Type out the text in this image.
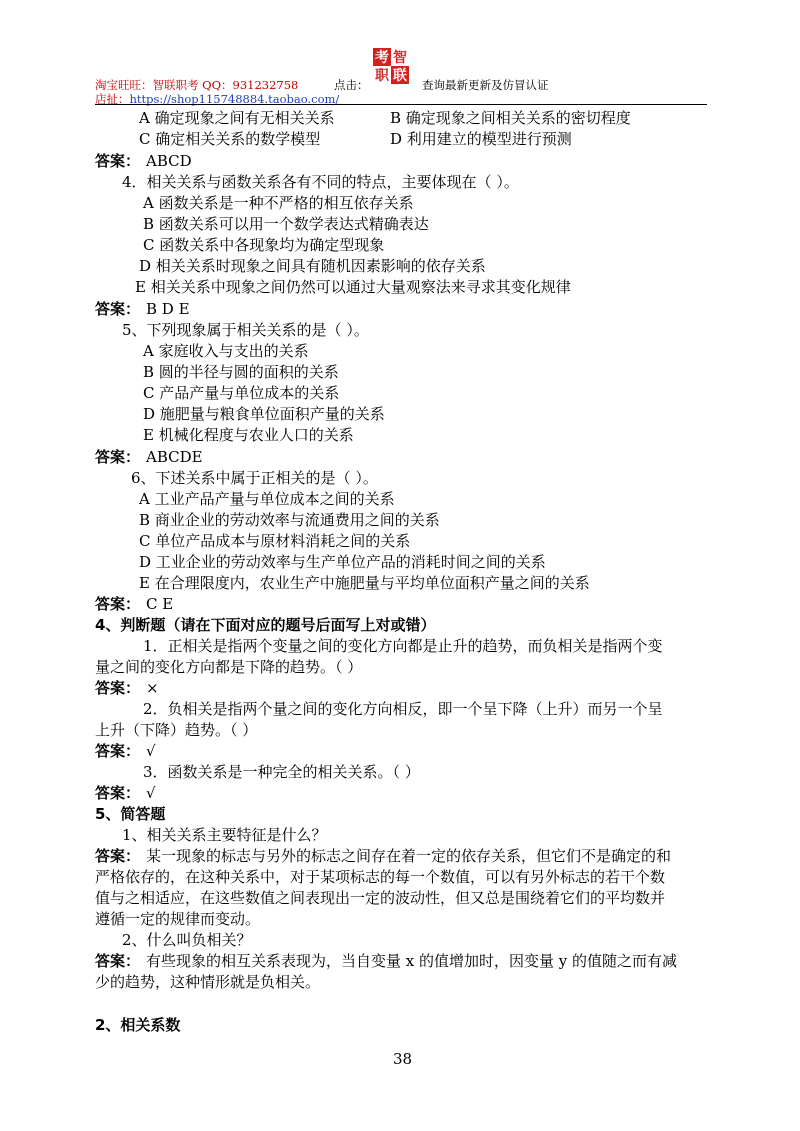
淘宝旺旺：智联职考 QQ：931232758	点击：
考 智
职 联
查询最新更新及仿冒认证
店扯：https://shop115748884.taobao.com/
A 确定现象之间有无相关关系	B 确定现象之间相关关系的密切程度
C 确定相关关系的数学模型	D 利用建立的模型进行预测
答案： ABCD
4．相关关系与函数关系各有不同的特点，主要体现在（ ）。
A 函数关系是一种不严格的相互依存关系
B 函数关系可以用一个数学表达式精确表达
C 函数关系中各现象均为确定型现象
D 相关关系时现象之间具有随机因素影响的依存关系
E 相关关系中现象之间仍然可以通过大量观察法来寻求其变化规律
答案： B D E
5、下列现象属于相关关系的是（ ）。
A 家庭收入与支出的关系
B 圆的半径与圆的面积的关系
C 产品产量与单位成本的关系
D 施肥量与粮食单位面积产量的关系
E 机械化程度与农业人口的关系
答案： ABCDE
6、下述关系中属于正相关的是（ ）。
A 工业产品产量与单位成本之间的关系
B 商业企业的劳动效率与流通费用之间的关系
C 单位产品成本与原材料消耗之间的关系
D 工业企业的劳动效率与生产单位产品的消耗时间之间的关系
E 在合理限度内，农业生产中施肥量与平均单位面积产量之间的关系
答案： C E
4、判断题（请在下面对应的题号后面写上对或错）
1．正相关是指两个变量之间的变化方向都是止升的趋势，而负相关是指两个变
量之间的变化方向都是下降的趋势。（ ）
答案： ×
2．负相关是指两个量之间的变化方向相反，即一个呈下降（上升）而另一个呈
上升（下降）趋势。（ ）
答案： √
3．函数关系是一种完全的相关关系。（ ）
答案： √
5、简答题
1、相关关系主要特征是什么？
答案： 某一现象的标志与另外的标志之间存在着一定的依存关系，但它们不是确定的和
严格依存的，在这种关系中，对于某项标志的每一个数值，可以有另外标志的若干个数
值与之相适应，在这些数值之间表现出一定的波动性，但又总是围绕着它们的平均数并
遵循一定的规律而变动。
2、什么叫负相关？
答案： 有些现象的相互关系表现为，当自变量 x 的值增加时，因变量 y 的值随之而有减
少的趋势，这种情形就是负相关。
2、相关系数
38
